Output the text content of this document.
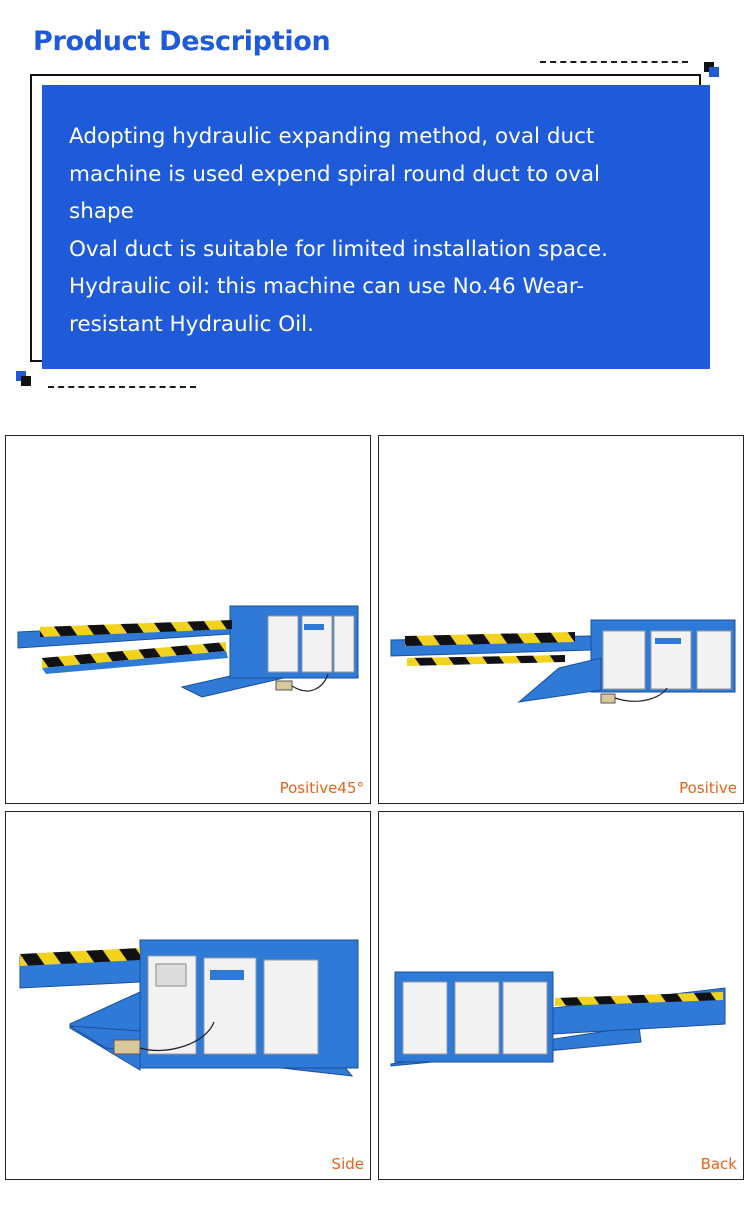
Product Description

Adopting hydraulic expanding method, oval duct machine is used expend spiral round duct to oval shape

Oval duct is suitable for limited installation space.

Hydraulic oil: this machine can use No.46 Wear-resistant Hydraulic Oil.

Positive45°	Positive
Side	Back
